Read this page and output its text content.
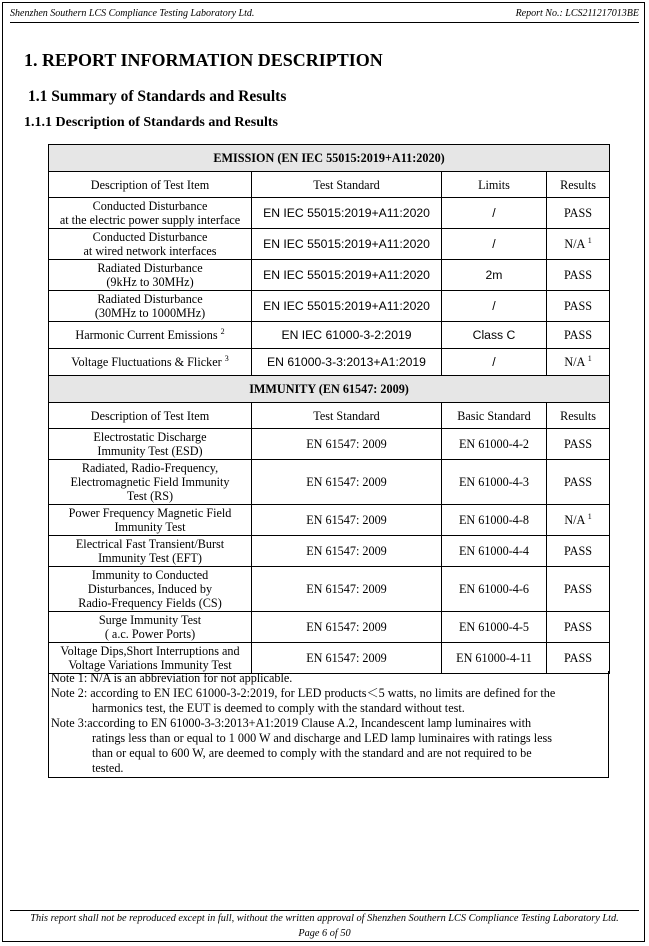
Shenzhen Southern LCS Compliance Testing Laboratory Ltd.	Report No.: LCS211217013BE
1. REPORT INFORMATION DESCRIPTION
1.1 Summary of Standards and Results
1.1.1 Description of Standards and Results
EMISSION (EN IEC 55015:2019+A11:2020)			
Description of Test Item	Test Standard	Limits	Results
Conducted Disturbance
at the electric power supply interface	EN IEC 55015:2019+A11:2020	/	PASS
Conducted Disturbance
at wired network interfaces	EN IEC 55015:2019+A11:2020	/	N/A $^1$
Radiated Disturbance
(9kHz to 30MHz)	EN IEC 55015:2019+A11:2020	2m	PASS
Radiated Disturbance
(30MHz to 1000MHz)	EN IEC 55015:2019+A11:2020	/	PASS
Harmonic Current Emissions $^2$	EN IEC 61000-3-2:2019	Class C	PASS
Voltage Fluctuations & Flicker $^3$	EN 61000-3-3:2013+A1:2019	/	N/A $^1$
IMMUNITY (EN 61547: 2009)			
Description of Test Item	Test Standard	Basic Standard	Results
Electrostatic Discharge
Immunity Test (ESD)	EN 61547: 2009	EN 61000-4-2	PASS
Radiated, Radio-Frequency,
Electromagnetic Field Immunity
Test (RS)	EN 61547: 2009	EN 61000-4-3	PASS
Power Frequency Magnetic Field
Immunity Test	EN 61547: 2009	EN 61000-4-8	N/A $^1$
Electrical Fast Transient/Burst
Immunity Test (EFT)	EN 61547: 2009	EN 61000-4-4	PASS
Immunity to Conducted
Disturbances, Induced by
Radio-Frequency Fields (CS)	EN 61547: 2009	EN 61000-4-6	PASS
Surge Immunity Test
( a.c. Power Ports)	EN 61547: 2009	EN 61000-4-5	PASS
Voltage Dips,Short Interruptions and
Voltage Variations Immunity Test	EN 61547: 2009	EN 61000-4-11	PASS
Note 1: N/A is an abbreviation for not applicable.
Note 2: according to EN IEC 61000-3-2:2019, for LED products＜5 watts, no limits are defined for the
harmonics test, the EUT is deemed to comply with the standard without test.
Note 3:according to EN 61000-3-3:2013+A1:2019 Clause A.2, Incandescent lamp luminaires with
ratings less than or equal to 1 000 W and discharge and LED lamp luminaires with ratings less
than or equal to 600 W, are deemed to comply with the standard and are not required to be
tested.
This report shall not be reproduced except in full, without the written approval of Shenzhen Southern LCS Compliance Testing Laboratory Ltd.
Page 6 of 50
